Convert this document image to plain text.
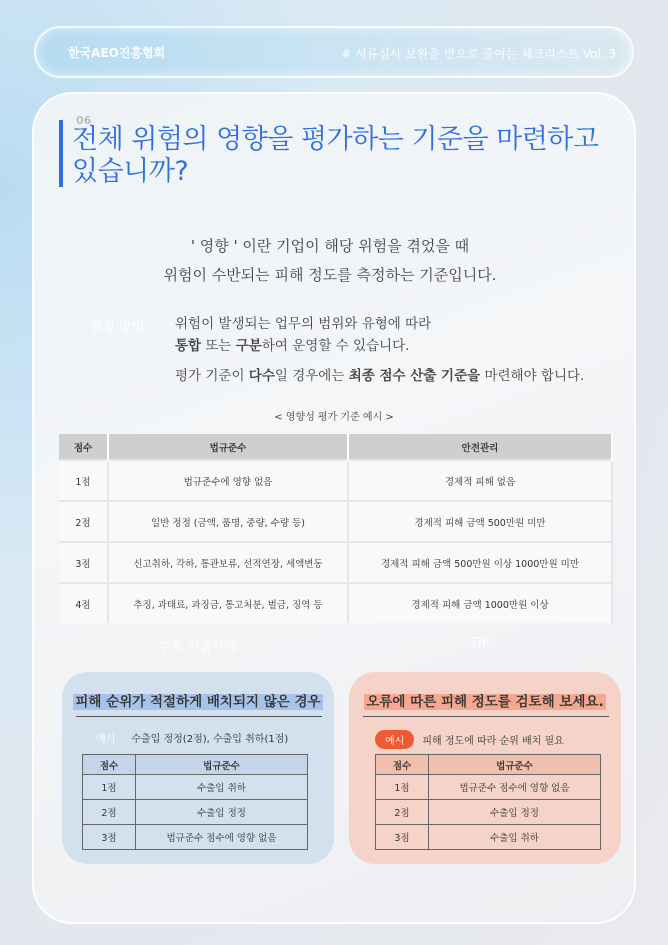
한국AEO진흥협회	# 서류심사 보완을 반으로 줄이는 체크리스트 Vol. 3
06
전체 위험의 영향을 평가하는 기준을 마련하고
있습니까?
' 영향 ' 이란 기업이 해당 위험을 겪었을 때
위험이 수반되는 피해 정도를 측정하는 기준입니다.
설정 방법 위험이 발생되는 업무의 범위와 유형에 따라
통합 또는 구분하여 운영할 수 있습니다.

평가 기준이 다수일 경우에는 최종 점수 산출 기준을 마련해야 합니다.

< 영향성 평가 기준 예시 >
점수	법규준수	안전관리
1점	법규준수에 영향 없음	경제적 피해 없음
2점	일반 정정 (금액, 품명, 중량, 수량 등)	경제적 피해 금액 500만원 미만
3점	신고취하, 각하, 통관보류, 선적연장, 세액변동	경제적 피해 금액 500만원 이상 1000만원 미만
4점	추징, 과태료, 과징금, 통고처분, 벌금, 징역 등	경제적 피해 금액 1000만원 이상
주요 미흡사례	TIP
피해 순위가 적절하게 배치되지 않은 경우
예시 수출입 정정(2점), 수출입 취하(1점)
점수	법규준수
1점	수출입 취하
2점	수출입 정정
3점	법규준수 점수에 영향 없음
오류에 따른 피해 정도를 검토해 보세요.
예시 피해 정도에 따라 순위 배치 필요
점수	법규준수
1점	법규준수 점수에 영향 없음
2점	수출입 정정
3점	수출입 취하
